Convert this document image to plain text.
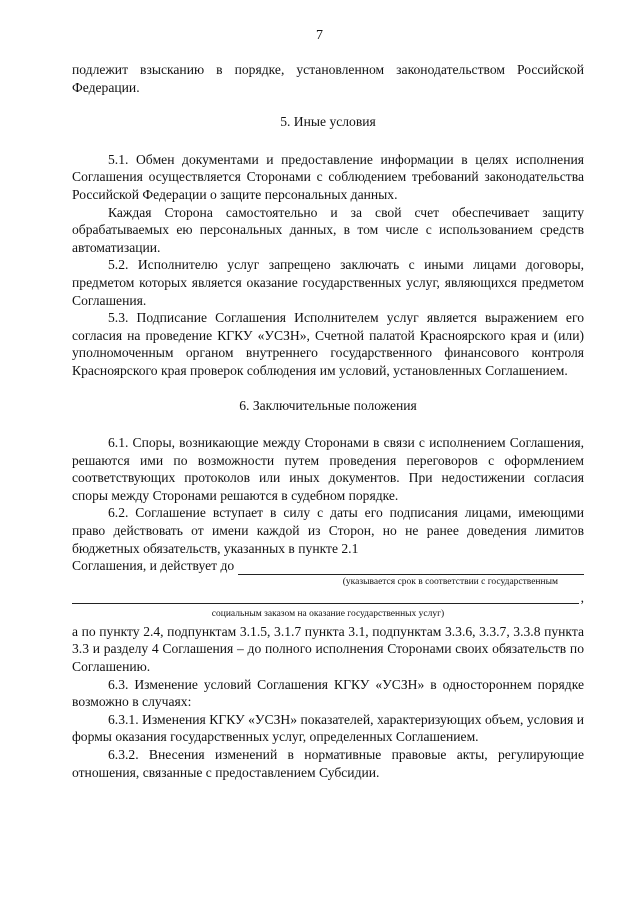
7

подлежит взысканию в порядке, установленном законодательством Российской Федерации.

5. Иные условия

5.1. Обмен документами и предоставление информации в целях исполнения Соглашения осуществляется Сторонами с соблюдением требований законодательства Российской Федерации о защите персональных данных.

Каждая Сторона самостоятельно и за свой счет обеспечивает защиту обрабатываемых ею персональных данных, в том числе с использованием средств автоматизации.

5.2. Исполнителю услуг запрещено заключать с иными лицами договоры, предметом которых является оказание государственных услуг, являющихся предметом Соглашения.

5.3. Подписание Соглашения Исполнителем услуг является выражением его согласия на проведение КГКУ «УСЗН», Счетной палатой Красноярского края и (или) уполномоченным органом внутреннего государственного финансового контроля Красноярского края проверок соблюдения им условий, установленных Соглашением.

6. Заключительные положения

6.1. Споры, возникающие между Сторонами в связи с исполнением Соглашения, решаются ими по возможности путем проведения переговоров с оформлением соответствующих протоколов или иных документов. При недостижении согласия споры между Сторонами решаются в судебном порядке.

6.2. Соглашение вступает в силу с даты его подписания лицами, имеющими право действовать от имени каждой из Сторон, но не ранее доведения лимитов бюджетных обязательств, указанных в пункте 2.1

Соглашения, и действует до
(указывается срок в соответствии с государственным
,
социальным заказом на оказание государственных услуг)

а по пункту 2.4, подпунктам 3.1.5, 3.1.7 пункта 3.1, подпунктам 3.3.6, 3.3.7, 3.3.8 пункта 3.3 и разделу 4 Соглашения – до полного исполнения Сторонами своих обязательств по Соглашению.

6.3. Изменение условий Соглашения КГКУ «УСЗН» в одностороннем порядке возможно в случаях:

6.3.1. Изменения КГКУ «УСЗН» показателей, характеризующих объем, условия и формы оказания государственных услуг, определенных Соглашением.

6.3.2. Внесения изменений в нормативные правовые акты, регулирующие отношения, связанные с предоставлением Субсидии.
